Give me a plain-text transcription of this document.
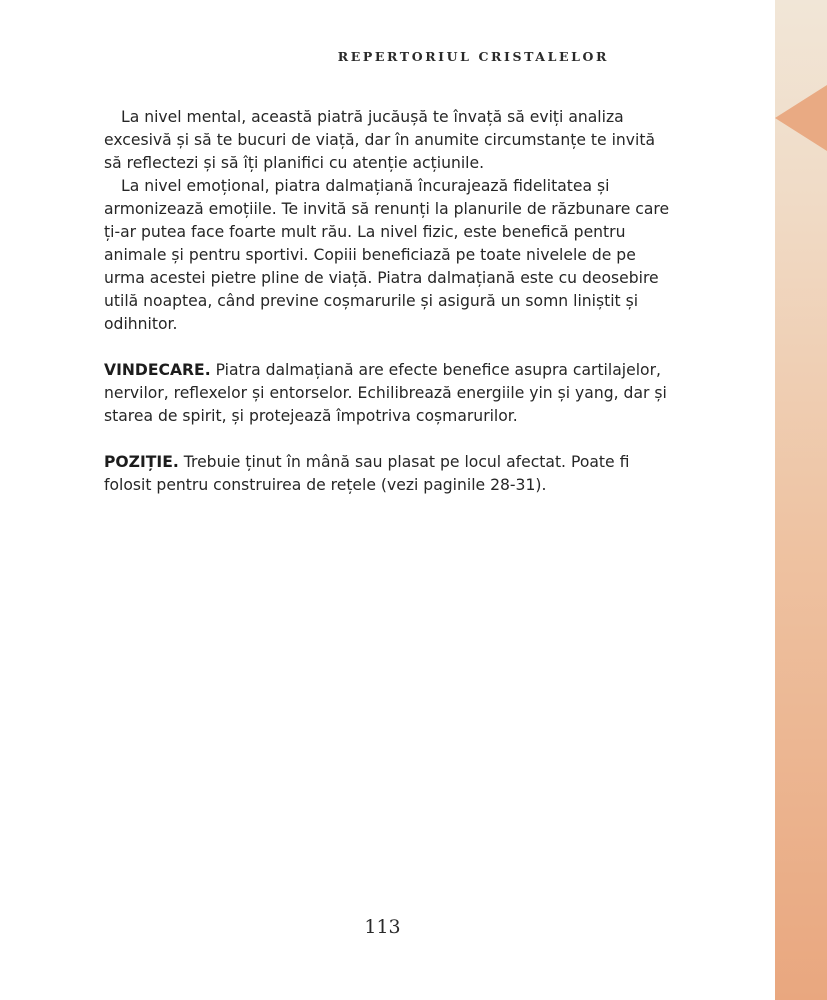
REPERTORIUL CRISTALELOR

La nivel mental, această piatră jucăușă te învață să eviți analiza excesivă și să te bucuri de viață, dar în anumite circumstanțe te invită să reflectezi și să îți planifici cu atenție acțiunile.

La nivel emoțional, piatra dalmațiană încurajează fidelitatea și armonizează emoțiile. Te invită să renunți la planurile de răzbunare care ți-ar putea face foarte mult rău. La nivel fizic, este benefică pentru animale și pentru sportivi. Copiii beneficiază pe toate nivelele de pe urma acestei pietre pline de viață. Piatra dalmațiană este cu deosebire utilă noaptea, când previne coșmarurile și asigură un somn liniștit și odihnitor.

VINDECARE. Piatra dalmațiană are efecte benefice asupra cartilajelor, nervilor, reflexelor și entorselor. Echilibrează energiile yin și yang, dar și starea de spirit, și protejează împotriva coșmarurilor.

POZIȚIE. Trebuie ținut în mână sau plasat pe locul afectat. Poate fi folosit pentru construirea de rețele (vezi paginile 28-31).

113
